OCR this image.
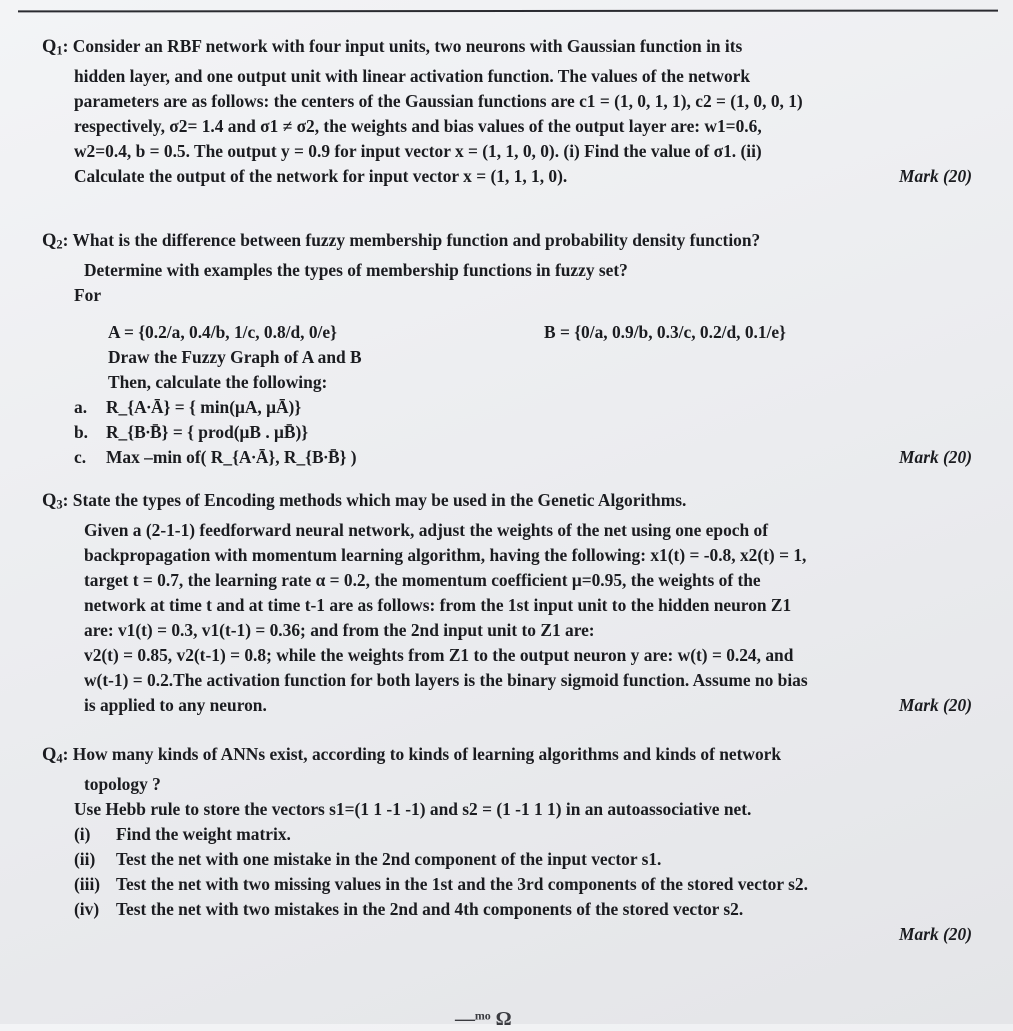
Q1: Consider an RBF network with four input units, two neurons with Gaussian function in its
hidden layer, and one output unit with linear activation function. The values of the network
parameters are as follows: the centers of the Gaussian functions are c1 = (1, 0, 1, 1), c2 = (1, 0, 0, 1)
respectively, σ2= 1.4 and σ1 ≠ σ2, the weights and bias values of the output layer are: w1=0.6,
w2=0.4, b = 0.5. The output y = 0.9 for input vector x = (1, 1, 0, 0). (i) Find the value of σ1. (ii)
Calculate the output of the network for input vector x = (1, 1, 1, 0).	Mark (20)
Q2: What is the difference between fuzzy membership function and probability density function?
Determine with examples the types of membership functions in fuzzy set?
For
A = {0.2/a, 0.4/b, 1/c, 0.8/d, 0/e}	B = {0/a, 0.9/b, 0.3/c, 0.2/d, 0.1/e}
Draw the Fuzzy Graph of A and B
Then, calculate the following:
a. R_{A∙Ā} = { min(μA, μĀ)}
b. R_{B∙B̄} = { prod(μB . μB̄)}
c. Max –min of( R_{A∙Ā}, R_{B∙B̄} )	Mark (20)
Q3: State the types of Encoding methods which may be used in the Genetic Algorithms.
Given a (2-1-1) feedforward neural network, adjust the weights of the net using one epoch of
backpropagation with momentum learning algorithm, having the following: x1(t) = -0.8, x2(t) = 1,
target t = 0.7, the learning rate α = 0.2, the momentum coefficient μ=0.95, the weights of the
network at time t and at time t-1 are as follows: from the 1st input unit to the hidden neuron Z1
are: v1(t) = 0.3, v1(t-1) = 0.36; and from the 2nd input unit to Z1 are:
v2(t) = 0.85, v2(t-1) = 0.8; while the weights from Z1 to the output neuron y are: w(t) = 0.24, and
w(t-1) = 0.2.The activation function for both layers is the binary sigmoid function. Assume no bias
is applied to any neuron.	Mark (20)
Q4: How many kinds of ANNs exist, according to kinds of learning algorithms and kinds of network
topology ?
Use Hebb rule to store the vectors s1=(1 1 -1 -1) and s2 = (1 -1 1 1) in an autoassociative net.
(i) Find the weight matrix.
(ii) Test the net with one mistake in the 2nd component of the input vector s1.
(iii) Test the net with two missing values in the 1st and the 3rd components of the stored vector s2.
(iv) Test the net with two mistakes in the 2nd and 4th components of the stored vector s2.
Mark (20)
—ᵐᵒ Ω
